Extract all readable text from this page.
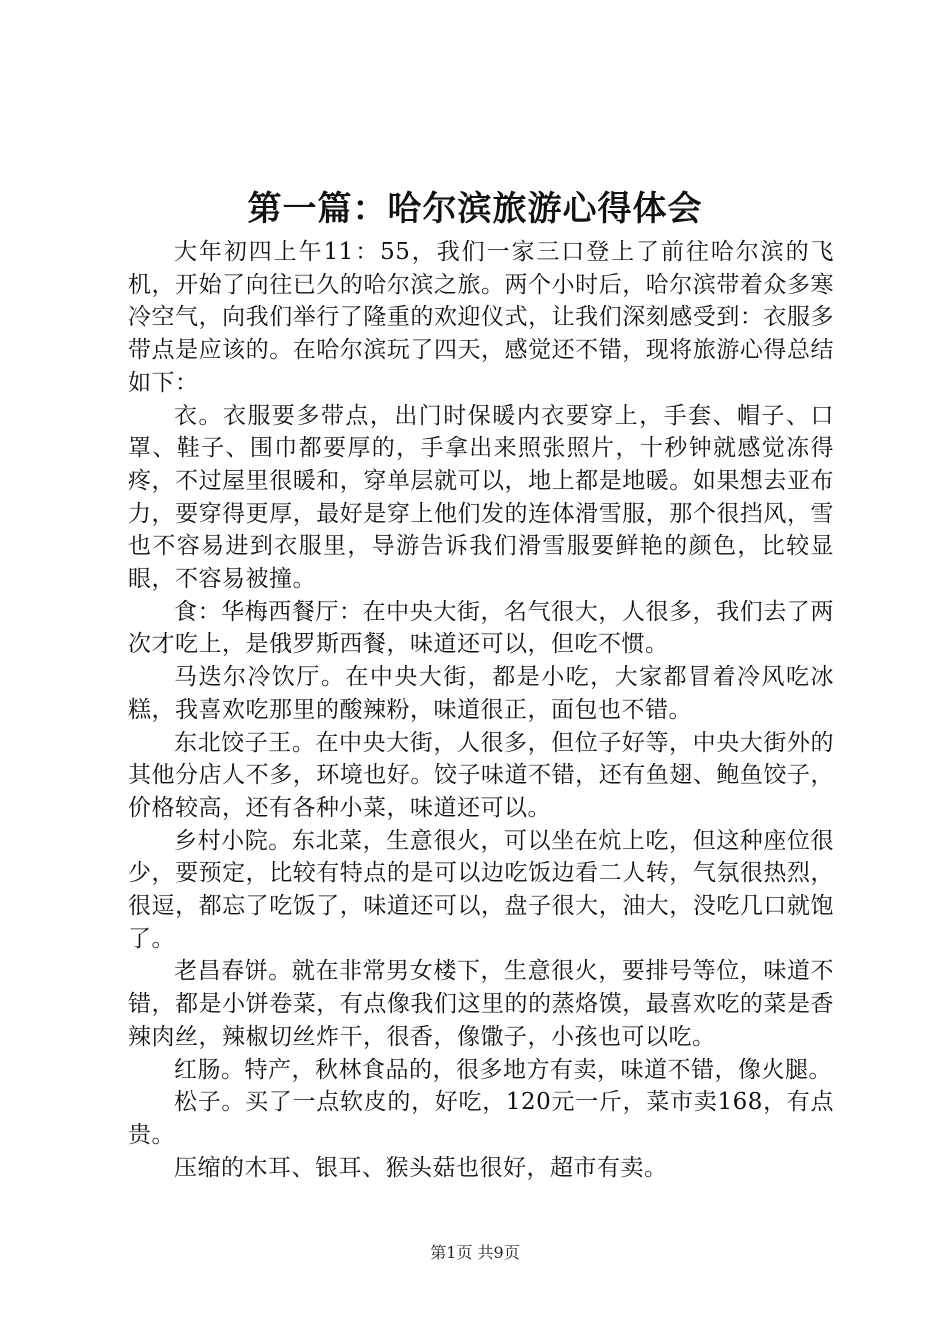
第一篇：哈尔滨旅游心得体会

大年初四上午11：55，我们一家三口登上了前往哈尔滨的飞机，开始了向往已久的哈尔滨之旅。两个小时后，哈尔滨带着众多寒冷空气，向我们举行了隆重的欢迎仪式，让我们深刻感受到：衣服多带点是应该的。在哈尔滨玩了四天，感觉还不错，现将旅游心得总结如下：

衣。衣服要多带点，出门时保暖内衣要穿上，手套、帽子、口罩、鞋子、围巾都要厚的，手拿出来照张照片，十秒钟就感觉冻得疼，不过屋里很暖和，穿单层就可以，地上都是地暖。如果想去亚布力，要穿得更厚，最好是穿上他们发的连体滑雪服，那个很挡风，雪也不容易进到衣服里，导游告诉我们滑雪服要鲜艳的颜色，比较显眼，不容易被撞。

食：华梅西餐厅：在中央大街，名气很大，人很多，我们去了两次才吃上，是俄罗斯西餐，味道还可以，但吃不惯。

马迭尔冷饮厅。在中央大街，都是小吃，大家都冒着冷风吃冰糕，我喜欢吃那里的酸辣粉，味道很正，面包也不错。

东北饺子王。在中央大街，人很多，但位子好等，中央大街外的其他分店人不多，环境也好。饺子味道不错，还有鱼翅、鲍鱼饺子，价格较高，还有各种小菜，味道还可以。

乡村小院。东北菜，生意很火，可以坐在炕上吃，但这种座位很少，要预定，比较有特点的是可以边吃饭边看二人转，气氛很热烈，很逗，都忘了吃饭了，味道还可以，盘子很大，油大，没吃几口就饱了。

老昌春饼。就在非常男女楼下，生意很火，要排号等位，味道不错，都是小饼卷菜，有点像我们这里的的蒸烙馍，最喜欢吃的菜是香辣肉丝，辣椒切丝炸干，很香，像馓子，小孩也可以吃。

红肠。特产，秋林食品的，很多地方有卖，味道不错，像火腿。

松子。买了一点软皮的，好吃，120元一斤，菜市卖168，有点贵。

压缩的木耳、银耳、猴头菇也很好，超市有卖。

第1页 共9页
